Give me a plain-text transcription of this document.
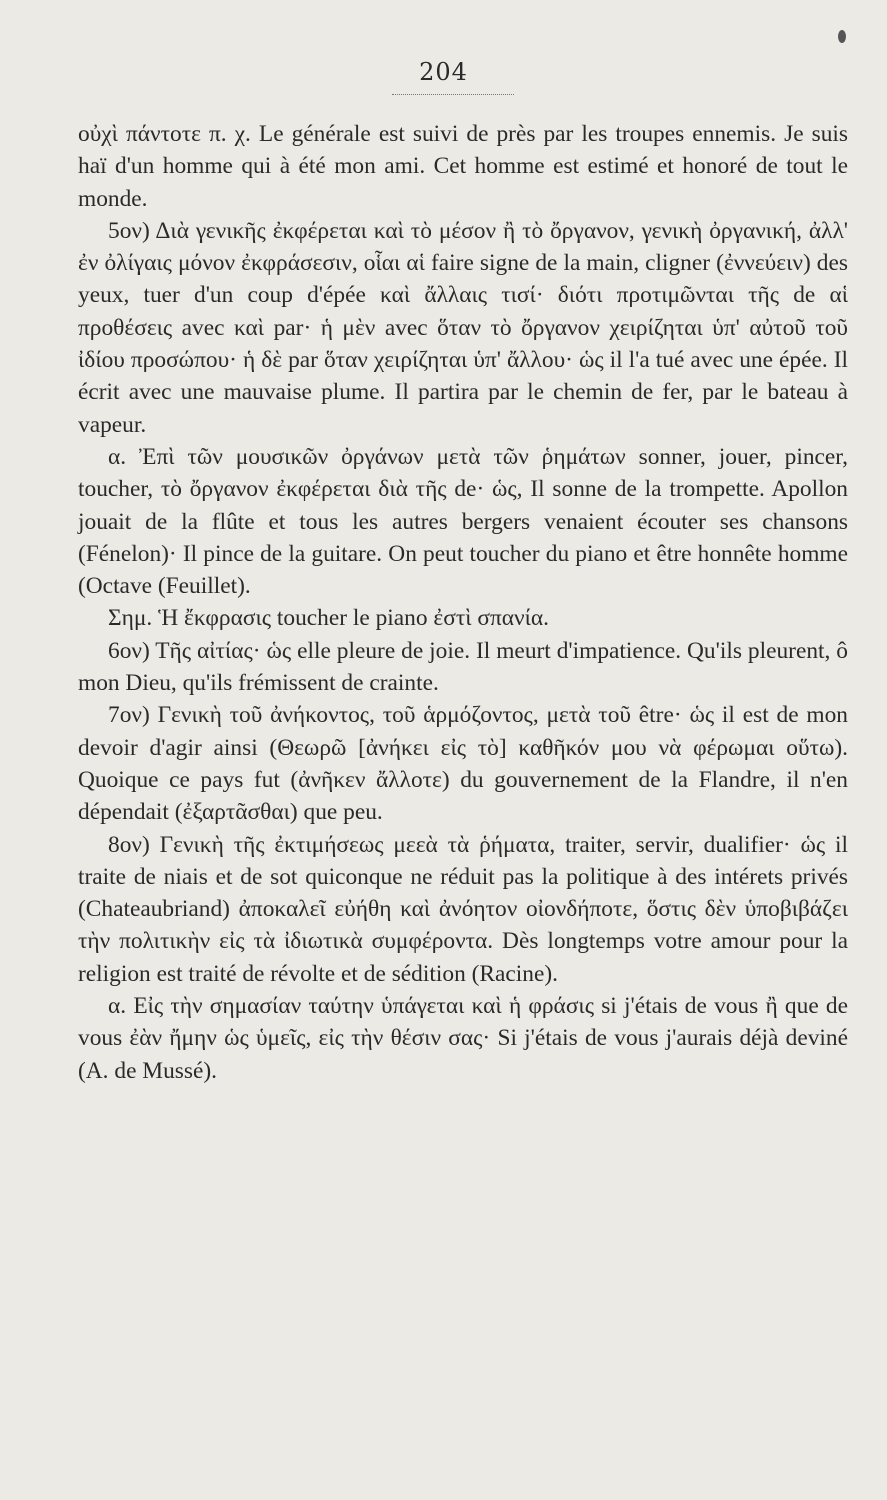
204

οὐχὶ πάντοτε π. χ. Le générale est suivi de près par les troupes ennemis. Je suis haï d'un homme qui à été mon ami. Cet homme est estimé et honoré de tout le monde.

5ον) Διὰ γενικῆς ἐκφέρεται καὶ τὸ μέσον ἢ τὸ ὄργανον, γενικὴ ὀργανική, ἀλλ' ἐν ὀλίγαις μόνον ἐκφράσεσιν, οἷαι αἱ faire signe de la main, cligner (ἐννεύειν) des yeux, tuer d'un coup d'épée καὶ ἄλλαις τισί· διότι προτιμῶνται τῆς de αἱ προθέσεις avec καὶ par· ἡ μὲν avec ὅταν τὸ ὄργανον χειρίζηται ὑπ' αὐτοῦ τοῦ ἰδίου προσώπου· ἡ δὲ par ὅταν χειρίζηται ὑπ' ἄλλου· ὡς il l'a tué avec une épée. Il écrit avec une mauvaise plume. Il partira par le chemin de fer, par le bateau à vapeur.

α. Ἐπὶ τῶν μουσικῶν ὀργάνων μετὰ τῶν ῥημάτων sonner, jouer, pincer, toucher, τὸ ὄργανον ἐκφέρεται διὰ τῆς de· ὡς, Il sonne de la trompette. Apollon jouait de la flûte et tous les autres bergers venaient écouter ses chansons (Fénelon)· Il pince de la guitare. On peut toucher du piano et être honnête homme (Octave (Feuillet).

Σημ. Ἡ ἔκφρασις toucher le piano ἐστὶ σπανία.

6ον) Τῆς αἰτίας· ὡς elle pleure de joie. Il meurt d'impatience. Qu'ils pleurent, ô mon Dieu, qu'ils frémissent de crainte.

7ον) Γενικὴ τοῦ ἀνήκοντος, τοῦ ἁρμόζοντος, μετὰ τοῦ être· ὡς il est de mon devoir d'agir ainsi (Θεωρῶ [ἀνήκει εἰς τὸ] καθῆκόν μου νὰ φέρωμαι οὕτω). Quoique ce pays fut (ἀνῆκεν ἄλλοτε) du gouvernement de la Flandre, il n'en dépendait (ἐξαρτᾶσθαι) que peu.

8ον) Γενικὴ τῆς ἐκτιμήσεως μεεὰ τὰ ῥήματα, traiter, servir, dualifier· ὡς il traite de niais et de sot quiconque ne réduit pas la politique à des intérets privés (Chateaubriand) ἀποκαλεῖ εὐήθη καὶ ἀνόητον οἰονδήποτε, ὅστις δὲν ὑποβιβάζει τὴν πολιτικὴν εἰς τὰ ἰδιωτικὰ συμφέροντα. Dès longtemps votre amour pour la religion est traité de révolte et de sédition (Racine).

α. Εἰς τὴν σημασίαν ταύτην ὑπάγεται καὶ ἡ φράσις si j'étais de vous ἢ que de vous ἐὰν ἤμην ὡς ὑμεῖς, εἰς τὴν θέσιν σας· Si j'étais de vous j'aurais déjà deviné (A. de Mussé).
